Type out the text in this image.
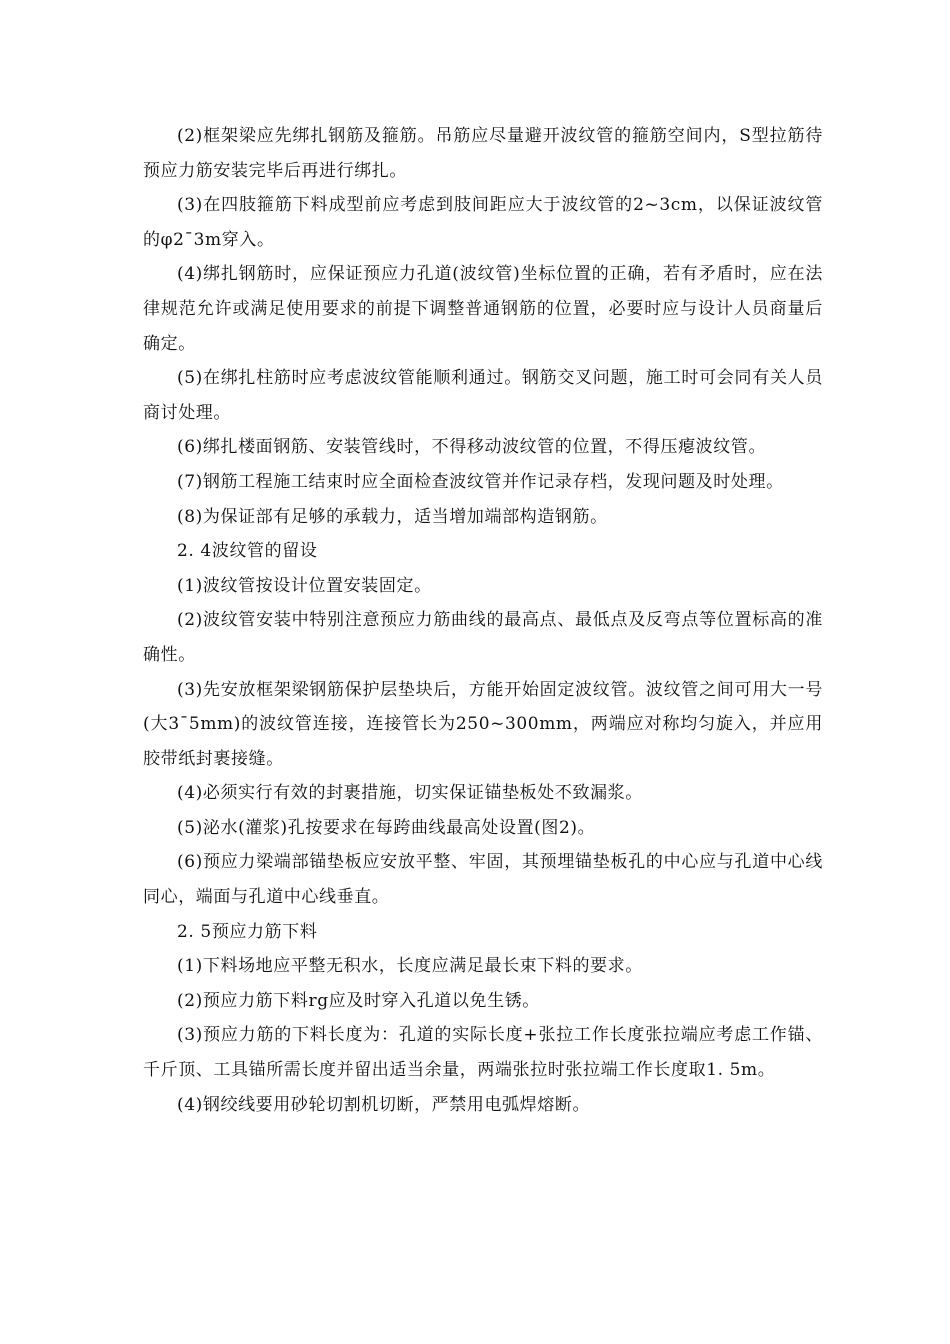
(2)框架梁应先绑扎钢筋及箍筋。吊筋应尽量避开波纹管的箍筋空间内，S型拉筋待预应力筋安装完毕后再进行绑扎。

(3)在四肢箍筋下料成型前应考虑到肢间距应大于波纹管的2~3cm，以保证波纹管的φ2¯3m穿入。

(4)绑扎钢筋时，应保证预应力孔道(波纹管)坐标位置的正确，若有矛盾时，应在法律规范允许或满足使用要求的前提下调整普通钢筋的位置，必要时应与设计人员商量后确定。

(5)在绑扎柱筋时应考虑波纹管能顺利通过。钢筋交叉问题，施工时可会同有关人员商讨处理。

(6)绑扎楼面钢筋、安装管线时，不得移动波纹管的位置，不得压瘪波纹管。

(7)钢筋工程施工结束时应全面检查波纹管并作记录存档，发现问题及时处理。

(8)为保证部有足够的承载力，适当增加端部构造钢筋。

2. 4波纹管的留设

(1)波纹管按设计位置安装固定。

(2)波纹管安装中特别注意预应力筋曲线的最高点、最低点及反弯点等位置标高的准确性。

(3)先安放框架梁钢筋保护层垫块后，方能开始固定波纹管。波纹管之间可用大一号(大3¯5mm)的波纹管连接，连接管长为250~300mm，两端应对称均匀旋入，并应用胶带纸封裹接缝。

(4)必须实行有效的封裹措施，切实保证锚垫板处不致漏浆。

(5)泌水(灌浆)孔按要求在每跨曲线最高处设置(图2)。

(6)预应力梁端部锚垫板应安放平整、牢固，其预埋锚垫板孔的中心应与孔道中心线同心，端面与孔道中心线垂直。

2. 5预应力筋下料

(1)下料场地应平整无积水，长度应满足最长束下料的要求。

(2)预应力筋下料rg应及时穿入孔道以免生锈。

(3)预应力筋的下料长度为：孔道的实际长度+张拉工作长度张拉端应考虑工作锚、千斤顶、工具锚所需长度并留出适当余量，两端张拉时张拉端工作长度取1. 5m。

(4)钢绞线要用砂轮切割机切断，严禁用电弧焊熔断。
